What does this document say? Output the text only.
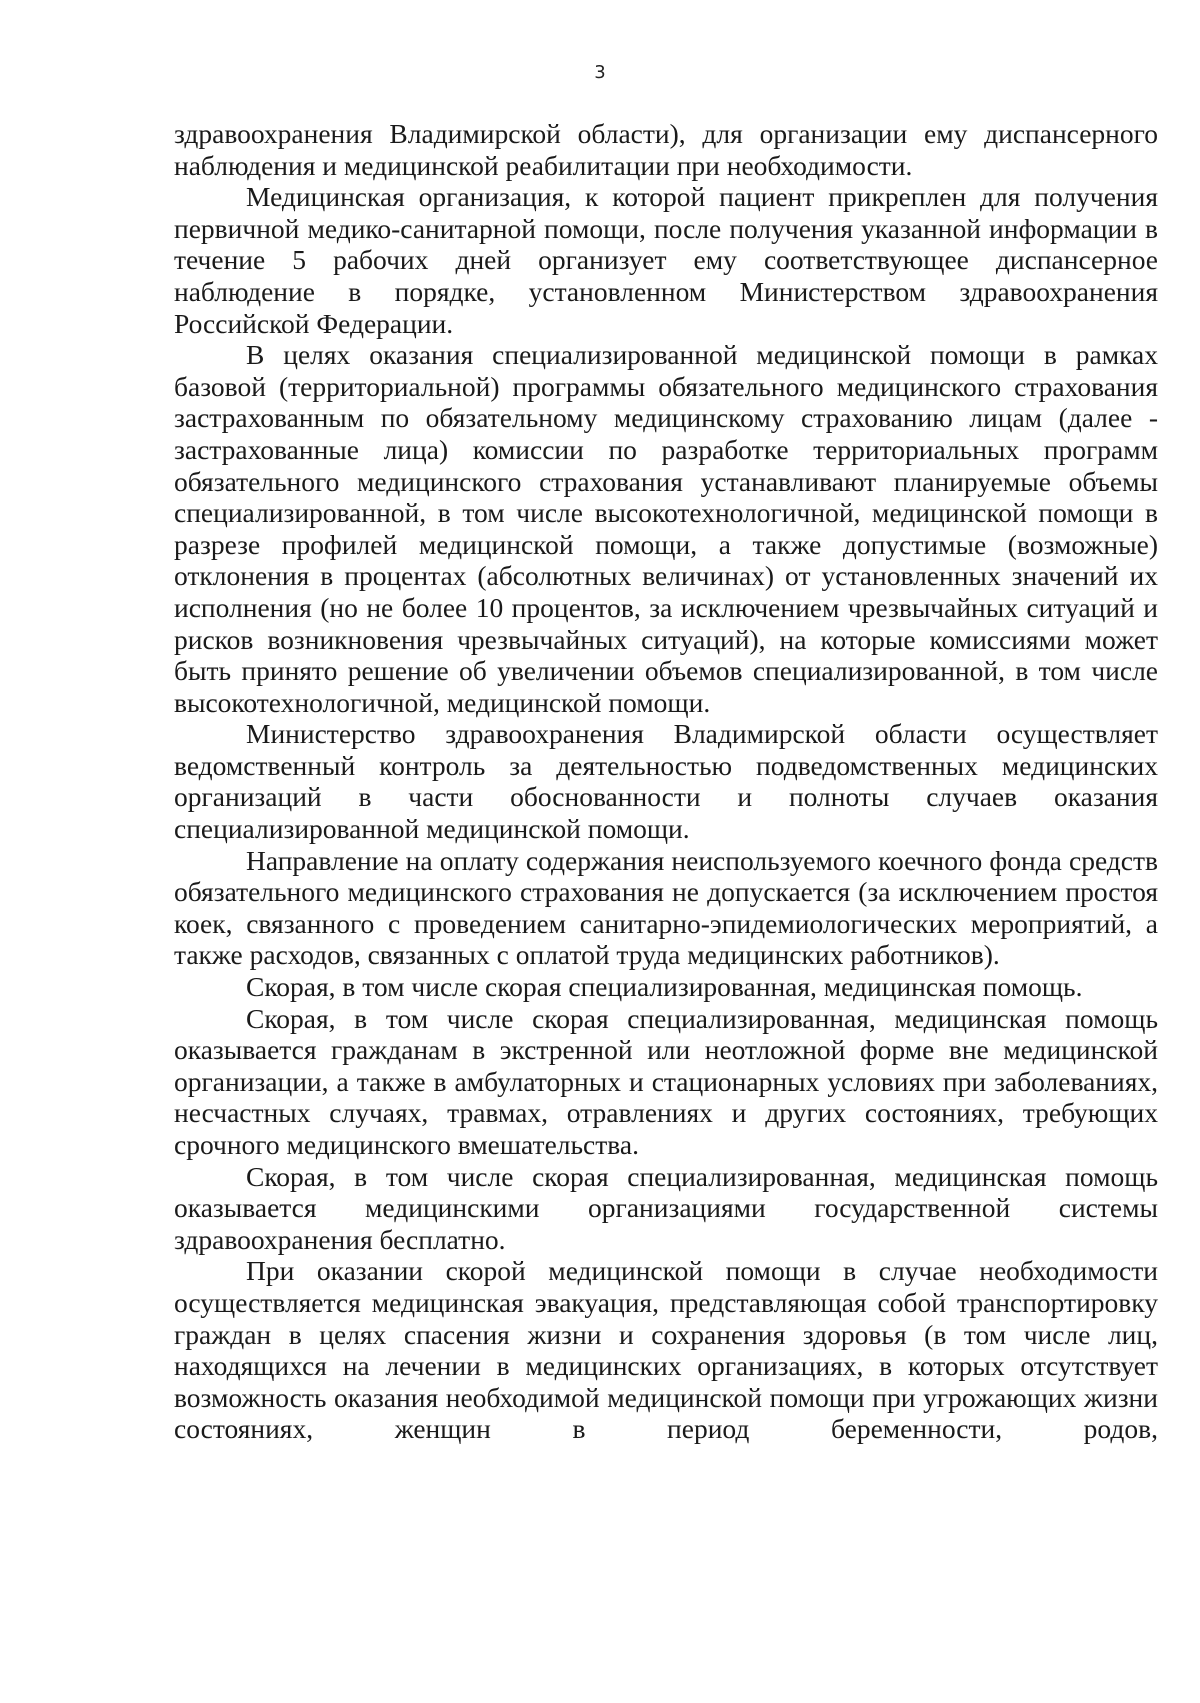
3

здравоохранения Владимирской области), для организации ему диспансерного наблюдения и медицинской реабилитации при необходимости.

Медицинская организация, к которой пациент прикреплен для получения первичной медико-санитарной помощи, после получения указанной информации в течение 5 рабочих дней организует ему соответствующее диспансерное наблюдение в порядке, установленном Министерством здравоохранения Российской Федерации.

В целях оказания специализированной медицинской помощи в рамках базовой (территориальной) программы обязательного медицинского страхования застрахованным по обязательному медицинскому страхованию лицам (далее - застрахованные лица) комиссии по разработке территориальных программ обязательного медицинского страхования устанавливают планируемые объемы специализированной, в том числе высокотехнологичной, медицинской помощи в разрезе профилей медицинской помощи, а также допустимые (возможные) отклонения в процентах (абсолютных величинах) от установленных значений их исполнения (но не более 10 процентов, за исключением чрезвычайных ситуаций и рисков возникновения чрезвычайных ситуаций), на которые комиссиями может быть принято решение об увеличении объемов специализированной, в том числе высокотехнологичной, медицинской помощи.

Министерство здравоохранения Владимирской области осуществляет ведомственный контроль за деятельностью подведомственных медицинских организаций в части обоснованности и полноты случаев оказания специализированной медицинской помощи.

Направление на оплату содержания неиспользуемого коечного фонда средств обязательного медицинского страхования не допускается (за исключением простоя коек, связанного с проведением санитарно-эпидемиологических мероприятий, а также расходов, связанных с оплатой труда медицинских работников).

Скорая, в том числе скорая специализированная, медицинская помощь.

Скорая, в том числе скорая специализированная, медицинская помощь оказывается гражданам в экстренной или неотложной форме вне медицинской организации, а также в амбулаторных и стационарных условиях при заболеваниях, несчастных случаях, травмах, отравлениях и других состояниях, требующих срочного медицинского вмешательства.

Скорая, в том числе скорая специализированная, медицинская помощь оказывается медицинскими организациями государственной системы здравоохранения бесплатно.

При оказании скорой медицинской помощи в случае необходимости осуществляется медицинская эвакуация, представляющая собой транспортировку граждан в целях спасения жизни и сохранения здоровья (в том числе лиц, находящихся на лечении в медицинских организациях, в которых отсутствует возможность оказания необходимой медицинской помощи при угрожающих жизни состояниях, женщин в период беременности, родов,
